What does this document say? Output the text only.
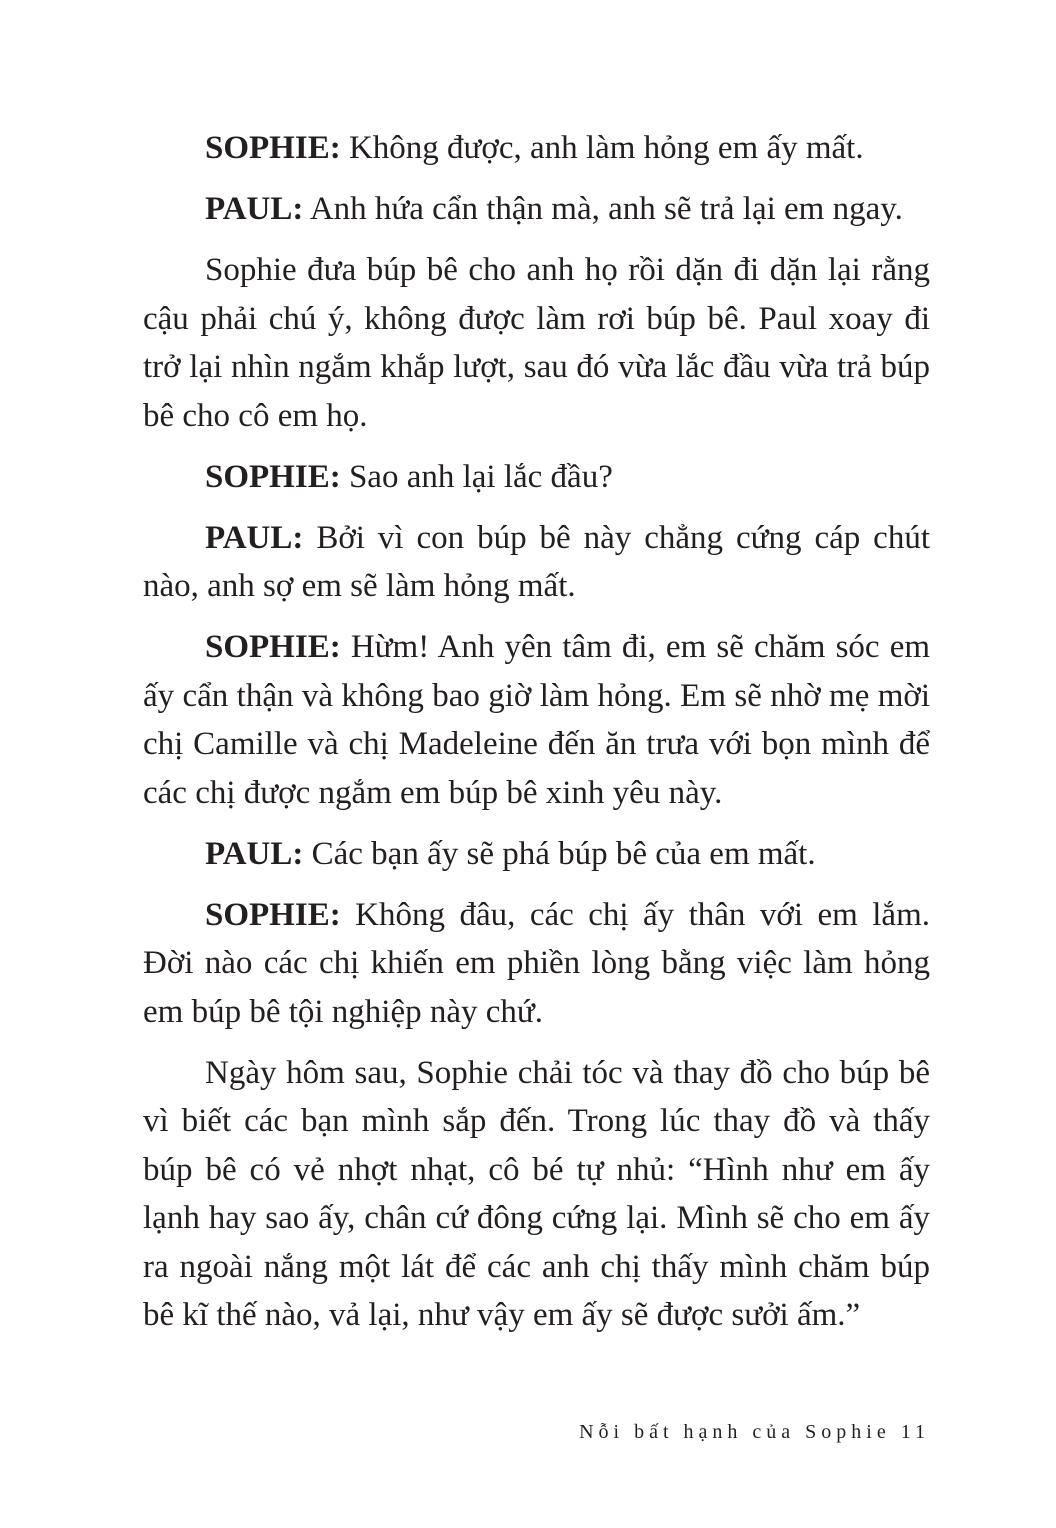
SOPHIE: Không được, anh làm hỏng em ấy mất.

PAUL: Anh hứa cẩn thận mà, anh sẽ trả lại em ngay.

Sophie đưa búp bê cho anh họ rồi dặn đi dặn lại rằng cậu phải chú ý, không được làm rơi búp bê. Paul xoay đi trở lại nhìn ngắm khắp lượt, sau đó vừa lắc đầu vừa trả búp bê cho cô em họ.

SOPHIE: Sao anh lại lắc đầu?

PAUL: Bởi vì con búp bê này chẳng cứng cáp chút nào, anh sợ em sẽ làm hỏng mất.

SOPHIE: Hừm! Anh yên tâm đi, em sẽ chăm sóc em ấy cẩn thận và không bao giờ làm hỏng. Em sẽ nhờ mẹ mời chị Camille và chị Madeleine đến ăn trưa với bọn mình để các chị được ngắm em búp bê xinh yêu này.

PAUL: Các bạn ấy sẽ phá búp bê của em mất.

SOPHIE: Không đâu, các chị ấy thân với em lắm. Đời nào các chị khiến em phiền lòng bằng việc làm hỏng em búp bê tội nghiệp này chứ.

Ngày hôm sau, Sophie chải tóc và thay đồ cho búp bê vì biết các bạn mình sắp đến. Trong lúc thay đồ và thấy búp bê có vẻ nhợt nhạt, cô bé tự nhủ: “Hình như em ấy lạnh hay sao ấy, chân cứ đông cứng lại. Mình sẽ cho em ấy ra ngoài nắng một lát để các anh chị thấy mình chăm búp bê kĩ thế nào, vả lại, như vậy em ấy sẽ được sưởi ấm.”

Nỗi bất hạnh của Sophie 11
